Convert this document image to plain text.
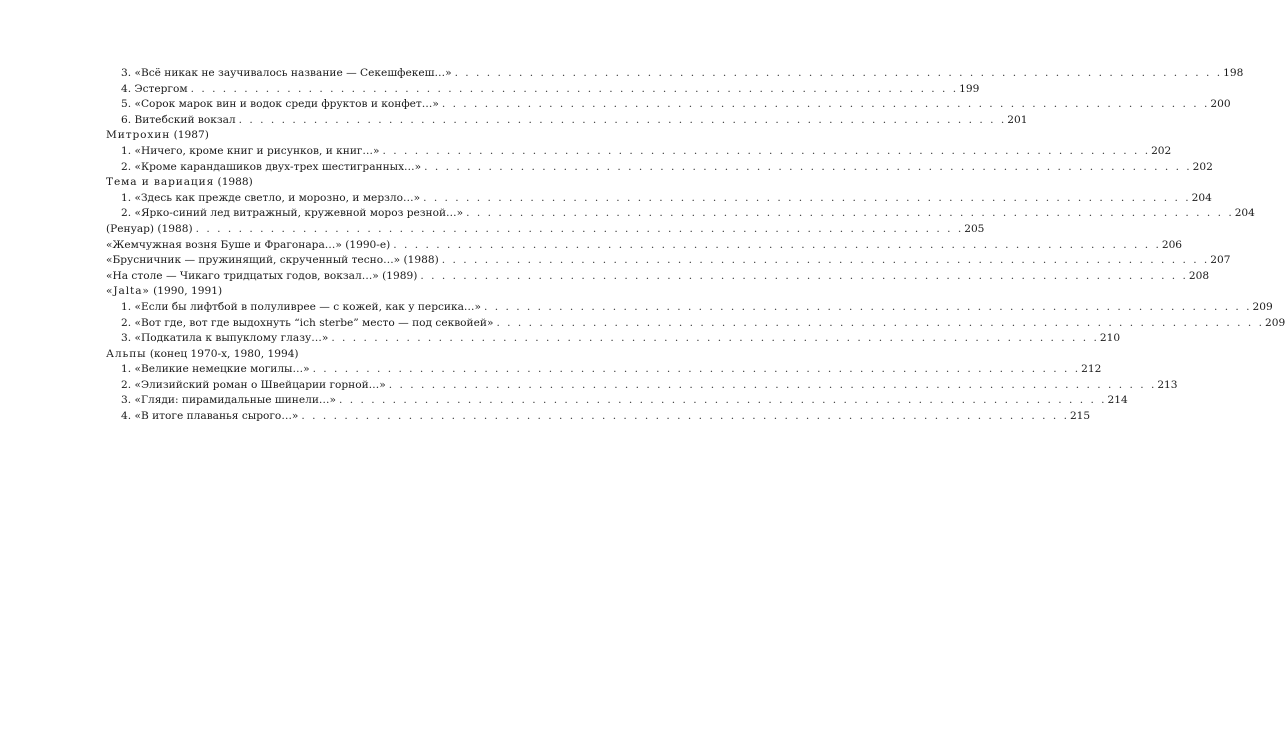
3. «Всё никак не заучивалось название — Секешфекеш…» . . . . . . . . . . . . . . . . . . . . . . . . . . . . . . . . . . . . . . . . . . . . . . . . . . . . . . . . . . . . . . . . . . . . . . . . 198
4. Эстергом . . . . . . . . . . . . . . . . . . . . . . . . . . . . . . . . . . . . . . . . . . . . . . . . . . . . . . . . . . . . . . . . . . . . . . . . 199
5. «Сорок марок вин и водок среди фруктов и конфет…» . . . . . . . . . . . . . . . . . . . . . . . . . . . . . . . . . . . . . . . . . . . . . . . . . . . . . . . . . . . . . . . . . . . . . . . . 200
6. Витебский вокзал . . . . . . . . . . . . . . . . . . . . . . . . . . . . . . . . . . . . . . . . . . . . . . . . . . . . . . . . . . . . . . . . . . . . . . . . 201
Митрохин (1987)
1. «Ничего, кроме книг и рисунков, и книг…» . . . . . . . . . . . . . . . . . . . . . . . . . . . . . . . . . . . . . . . . . . . . . . . . . . . . . . . . . . . . . . . . . . . . . . . . 202
2. «Кроме карандашиков двух-трех шестигранных…» . . . . . . . . . . . . . . . . . . . . . . . . . . . . . . . . . . . . . . . . . . . . . . . . . . . . . . . . . . . . . . . . . . . . . . . . 202
Тема и вариация (1988)
1. «Здесь как прежде светло, и морозно, и мерзло…» . . . . . . . . . . . . . . . . . . . . . . . . . . . . . . . . . . . . . . . . . . . . . . . . . . . . . . . . . . . . . . . . . . . . . . . . 204
2. «Ярко-синий лед витражный, кружевной мороз резной…» . . . . . . . . . . . . . . . . . . . . . . . . . . . . . . . . . . . . . . . . . . . . . . . . . . . . . . . . . . . . . . . . . . . . . . . . 204
(Ренуар) (1988) . . . . . . . . . . . . . . . . . . . . . . . . . . . . . . . . . . . . . . . . . . . . . . . . . . . . . . . . . . . . . . . . . . . . . . . . 205
«Жемчужная возня Буше и Фрагонара…» (1990-е) . . . . . . . . . . . . . . . . . . . . . . . . . . . . . . . . . . . . . . . . . . . . . . . . . . . . . . . . . . . . . . . . . . . . . . . . 206
«Брусничник — пружинящий, скрученный тесно…» (1988) . . . . . . . . . . . . . . . . . . . . . . . . . . . . . . . . . . . . . . . . . . . . . . . . . . . . . . . . . . . . . . . . . . . . . . . . 207
«На столе — Чикаго тридцатых годов, вокзал…» (1989) . . . . . . . . . . . . . . . . . . . . . . . . . . . . . . . . . . . . . . . . . . . . . . . . . . . . . . . . . . . . . . . . . . . . . . . . 208
«Jalta» (1990, 1991)
1. «Если бы лифтбой в полуливрее — с кожей, как у персика…» . . . . . . . . . . . . . . . . . . . . . . . . . . . . . . . . . . . . . . . . . . . . . . . . . . . . . . . . . . . . . . . . . . . . . . . . 209
2. «Вот где, вот где выдохнуть “ich sterbe” место — под секвойей» . . . . . . . . . . . . . . . . . . . . . . . . . . . . . . . . . . . . . . . . . . . . . . . . . . . . . . . . . . . . . . . . . . . . . . . . 209
3. «Подкатила к выпуклому глазу…» . . . . . . . . . . . . . . . . . . . . . . . . . . . . . . . . . . . . . . . . . . . . . . . . . . . . . . . . . . . . . . . . . . . . . . . . 210
Альпы (конец 1970-х, 1980, 1994)
1. «Великие немецкие могилы…» . . . . . . . . . . . . . . . . . . . . . . . . . . . . . . . . . . . . . . . . . . . . . . . . . . . . . . . . . . . . . . . . . . . . . . . . 212
2. «Элизийский роман о Швейцарии горной…» . . . . . . . . . . . . . . . . . . . . . . . . . . . . . . . . . . . . . . . . . . . . . . . . . . . . . . . . . . . . . . . . . . . . . . . . 213
3. «Гляди: пирамидальные шинели…» . . . . . . . . . . . . . . . . . . . . . . . . . . . . . . . . . . . . . . . . . . . . . . . . . . . . . . . . . . . . . . . . . . . . . . . . 214
4. «В итоге плаванья сырого…» . . . . . . . . . . . . . . . . . . . . . . . . . . . . . . . . . . . . . . . . . . . . . . . . . . . . . . . . . . . . . . . . . . . . . . . . 215
